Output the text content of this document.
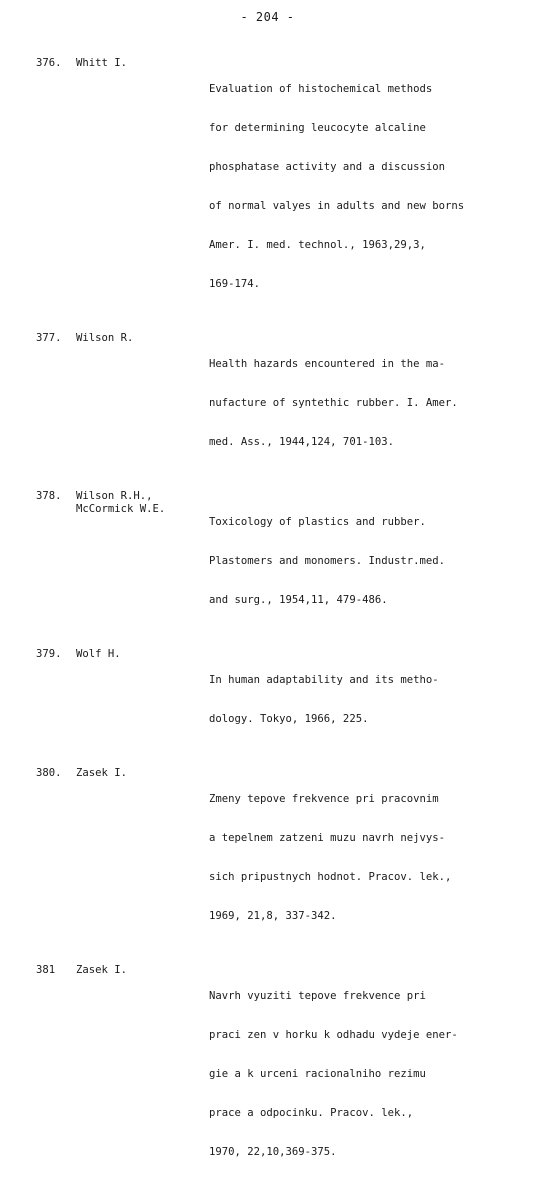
- 204 -
376.	Whitt I.

Evaluation of histochemical methods

for determining leucocyte alcaline

phosphatase activity and a discussion

of normal valyes in adults and new borns

Amer. I. med. technol., 1963,29,3,

169-174.

377.	Wilson R.

Health hazards encountered in the ma-

nufacture of syntethic rubber. I. Amer.

med. Ass., 1944,124, 701-103.

378.	Wilson R.H.,
McCormick W.E.

Toxicology of plastics and rubber.

Plastomers and monomers. Industr.med.

and surg., 1954,11, 479-486.

379.	Wolf H.

In human adaptability and its metho-

dology. Tokyo, 1966, 225.

380.	Zasek I.

Zmeny tepove frekvence pri pracovnim

a tepelnem zatzeni muzu navrh nejvys-

sich pripustnych hodnot. Pracov. lek.,

1969, 21,8, 337-342.

381	Zasek I.

Navrh vyuziti tepove frekvence pri

praci zen v horku k odhadu vydeje ener-

gie a k urceni racionalniho rezimu

prace a odpocinku. Pracov. lek.,

1970, 22,10,369-375.
